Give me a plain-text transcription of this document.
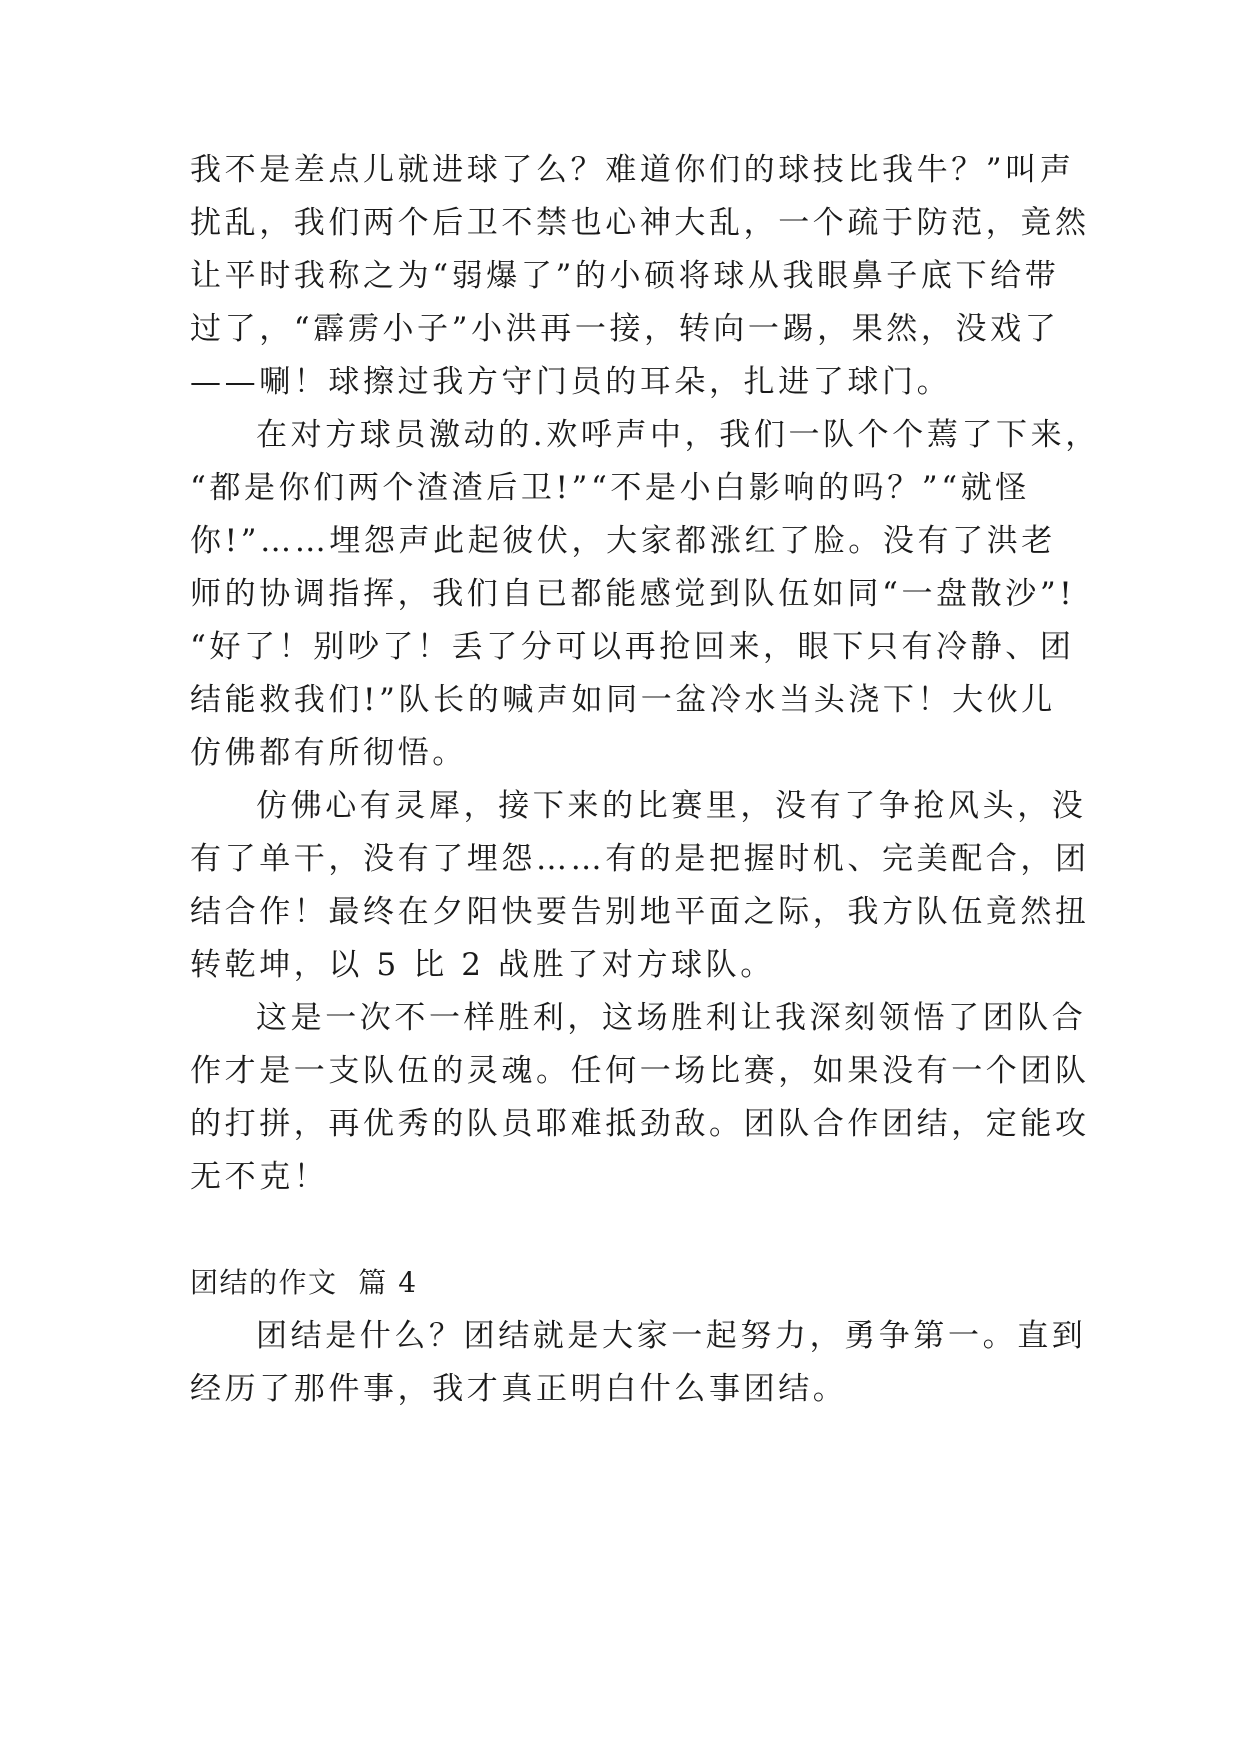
我不是差点儿就进球了么？难道你们的球技比我牛？”叫声
扰乱，我们两个后卫不禁也心神大乱，一个疏于防范，竟然
让平时我称之为“弱爆了”的小硕将球从我眼鼻子底下给带
过了，“霹雳小子”小洪再一接，转向一踢，果然，没戏了
——唰！球擦过我方守门员的耳朵，扎进了球门。
在对方球员激动的.欢呼声中，我们一队个个蔫了下来，
“都是你们两个渣渣后卫!”“不是小白影响的吗？”“就怪
你!”……埋怨声此起彼伏，大家都涨红了脸。没有了洪老
师的协调指挥，我们自已都能感觉到队伍如同“一盘散沙”!
“好了！别吵了！丢了分可以再抢回来，眼下只有冷静、团
结能救我们!”队长的喊声如同一盆冷水当头浇下！大伙儿
仿佛都有所彻悟。
仿佛心有灵犀，接下来的比赛里，没有了争抢风头，没
有了单干，没有了埋怨……有的是把握时机、完美配合，团
结合作！最终在夕阳快要告别地平面之际，我方队伍竟然扭
转乾坤，以 5 比 2 战胜了对方球队。
这是一次不一样胜利，这场胜利让我深刻领悟了团队合
作才是一支队伍的灵魂。任何一场比赛，如果没有一个团队
的打拼，再优秀的队员耶难抵劲敌。团队合作团结，定能攻
无不克！
团结的作文  篇 4
团结是什么？团结就是大家一起努力，勇争第一。直到
经历了那件事，我才真正明白什么事团结。
